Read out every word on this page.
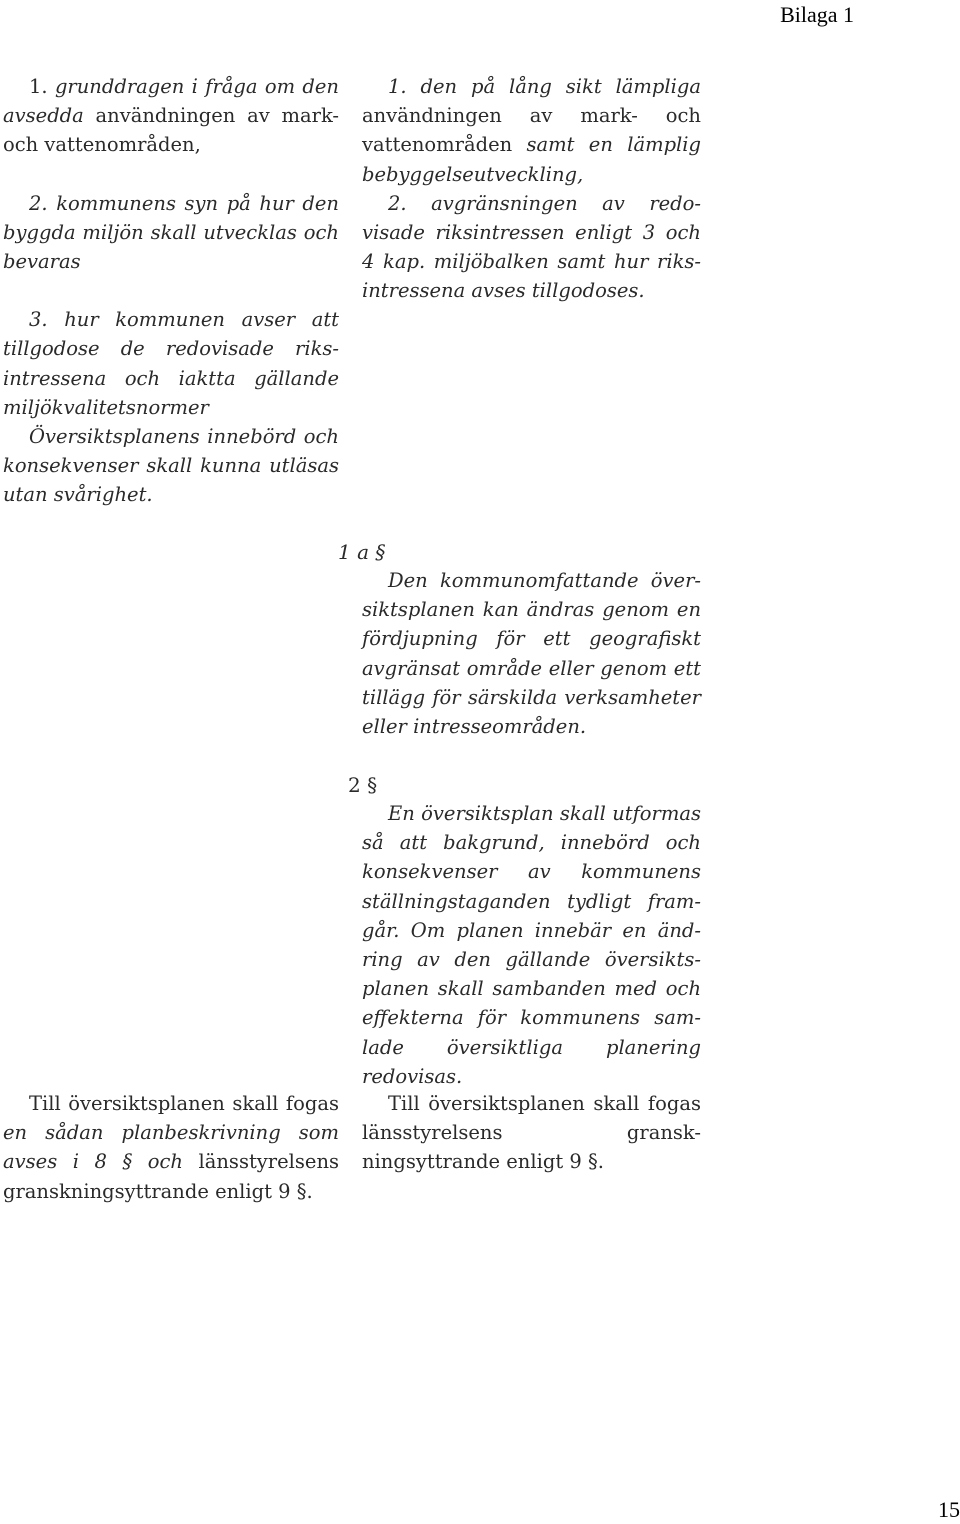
Bilaga 1

1. grunddragen i fråga om den avsedda användningen av mark- och vattenområden,

2. kommunens syn på hur den byggda miljön skall utvecklas och bevaras

3. hur kommunen avser att tillgodose de redovisade riks-intressena och iaktta gällande miljökvalitetsnormer

Översiktsplanens innebörd och konsekvenser skall kunna utläsas utan svårighet.

Till översiktsplanen skall fogas en sådan planbeskrivning som avses i 8 § och länsstyrelsens granskningsyttrande enligt 9 §.

1. den på lång sikt lämpliga användningen av mark- och vattenområden samt en lämplig bebyggelseutveckling,

2. avgränsningen av redo-visade riksintressen enligt 3 och 4 kap. miljöbalken samt hur riks-intressena avses tillgodoses.

1 a §

Den kommunomfattande över-siktsplanen kan ändras genom en fördjupning för ett geografiskt avgränsat område eller genom ett tillägg för särskilda verksamheter eller intresseområden.

2 §

En översiktsplan skall utformas så att bakgrund, innebörd och konsekvenser av kommunens ställningstaganden tydligt fram-går. Om planen innebär en änd-ring av den gällande översikts-planen skall sambanden med och effekterna för kommunens sam-lade översiktliga planering redovisas.

Till översiktsplanen skall fogas länsstyrelsens gransk-ningsyttrande enligt 9 §.

15
